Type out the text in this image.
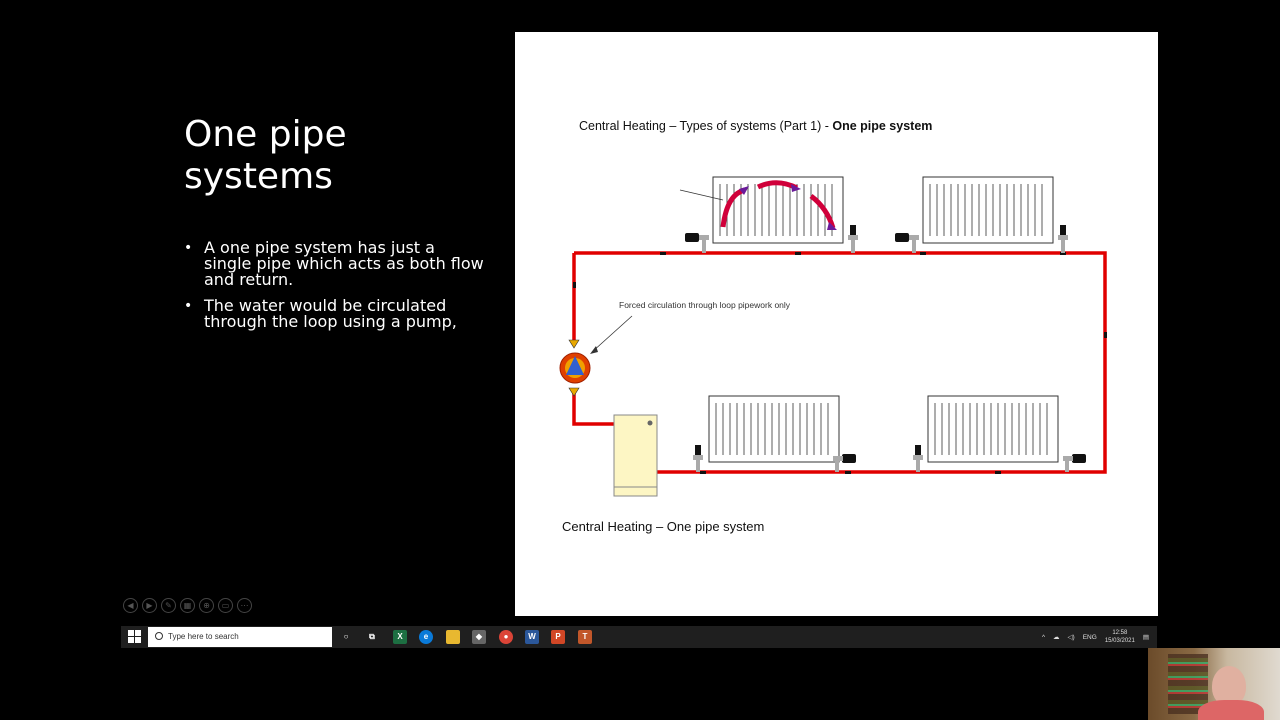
One pipe
systems
• A one pipe system has just a single pipe which acts as both flow and return.
• The water would be circulated through the loop using a pump,
Central Heating – Types of systems (Part 1) - One pipe system
Forced circulation through loop pipework only
Central Heating – One pipe system
◀	▶	✎	▦	⊕	▭	⋯
Type here to search	○	⧉	X	e	◆	●	W	P	T	^ ☁ ◁) ENG
12:58
15/03/2021 ▤
